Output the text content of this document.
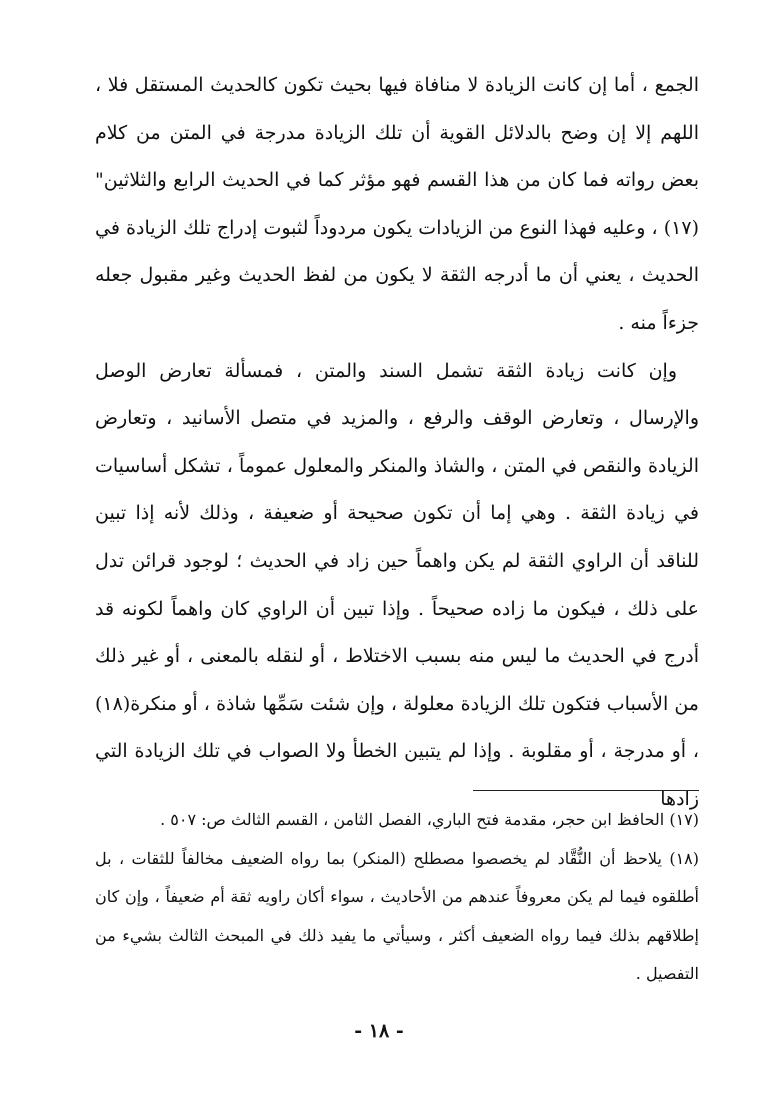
الجمع ، أما إن كانت الزيادة لا منافاة فيها بحيث تكون كالحديث المستقل فلا ، اللهم إلا إن وضح بالدلائل القوية أن تلك الزيادة مدرجة في المتن من كلام بعض رواته فما كان من هذا القسم فهو مؤثر كما في الحديث الرابع والثلاثين"(١٧) ، وعليه فهذا النوع من الزيادات يكون مردوداً لثبوت إدراج تلك الزيادة في الحديث ، يعني أن ما أدرجه الثقة لا يكون من لفظ الحديث وغير مقبول جعله جزءاً منه .

وإن كانت زيادة الثقة تشمل السند والمتن ، فمسألة تعارض الوصل والإرسال ، وتعارض الوقف والرفع ، والمزيد في متصل الأسانيد ، وتعارض الزيادة والنقص في المتن ، والشاذ والمنكر والمعلول عموماً ، تشكل أساسيات في زيادة الثقة . وهي إما أن تكون صحيحة أو ضعيفة ، وذلك لأنه إذا تبين للناقد أن الراوي الثقة لم يكن واهماً حين زاد في الحديث ؛ لوجود قرائن تدل على ذلك ، فيكون ما زاده صحيحاً . وإذا تبين أن الراوي كان واهماً لكونه قد أدرج في الحديث ما ليس منه بسبب الاختلاط ، أو لنقله بالمعنى ، أو غير ذلك من الأسباب فتكون تلك الزيادة معلولة ، وإن شئت سَمِّها شاذة ، أو منكرة(١٨) ، أو مدرجة ، أو مقلوبة . وإذا لم يتبين الخطأ ولا الصواب في تلك الزيادة التي زادها

(١٧) الحافظ ابن حجر، مقدمة فتح الباري، الفصل الثامن ، القسم الثالث ص: ٥٠٧ .

(١٨) يلاحظ أن النُّقَّاد لم يخصصوا مصطلح (المنكر) بما رواه الضعيف مخالفاً للثقات ، بل أطلقوه فيما لم يكن معروفاً عندهم من الأحاديث ، سواء أكان راويه ثقة أم ضعيفاً ، وإن كان إطلاقهم بذلك فيما رواه الضعيف أكثر ، وسيأتي ما يفيد ذلك في المبحث الثالث بشيء من التفصيل .

- ١٨ -
